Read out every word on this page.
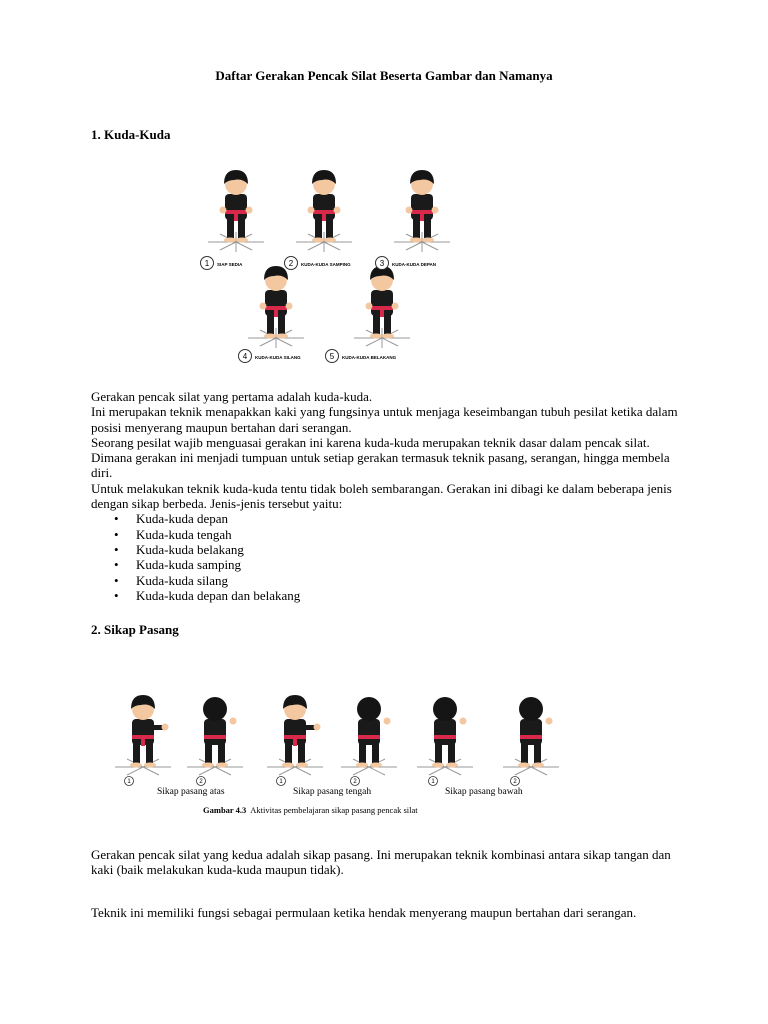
Daftar Gerakan Pencak Silat Beserta Gambar dan Namanya
1. Kuda-Kuda
1 SIAP SEDIA	2 KUDA-KUDA SAMPING	3 KUDA-KUDA DEPAN
4 KUDA-KUDA SILANG	5 KUDA-KUDA BELAKANG

Gerakan pencak silat yang pertama adalah kuda-kuda.

Ini merupakan teknik menapakkan kaki yang fungsinya untuk menjaga keseimbangan tubuh pesilat ketika dalam posisi menyerang maupun bertahan dari serangan.

Seorang pesilat wajib menguasai gerakan ini karena kuda-kuda merupakan teknik dasar dalam pencak silat.

Dimana gerakan ini menjadi tumpuan untuk setiap gerakan termasuk teknik pasang, serangan, hingga membela diri.

Untuk melakukan teknik kuda-kuda tentu tidak boleh sembarangan. Gerakan ini dibagi ke dalam beberapa jenis dengan sikap berbeda. Jenis-jenis tersebut yaitu:

• Kuda-kuda depan
• Kuda-kuda tengah
• Kuda-kuda belakang
• Kuda-kuda samping
• Kuda-kuda silang
• Kuda-kuda depan dan belakang
2. Sikap Pasang
1	2	1	2	1	2
Sikap pasang atas	Sikap pasang tengah	Sikap pasang bawah
Gambar 4.3 Aktivitas pembelajaran sikap pasang pencak silat
Gerakan pencak silat yang kedua adalah sikap pasang. Ini merupakan teknik kombinasi antara sikap tangan dan kaki (baik melakukan kuda-kuda maupun tidak).
Teknik ini memiliki fungsi sebagai permulaan ketika hendak menyerang maupun bertahan dari serangan.
